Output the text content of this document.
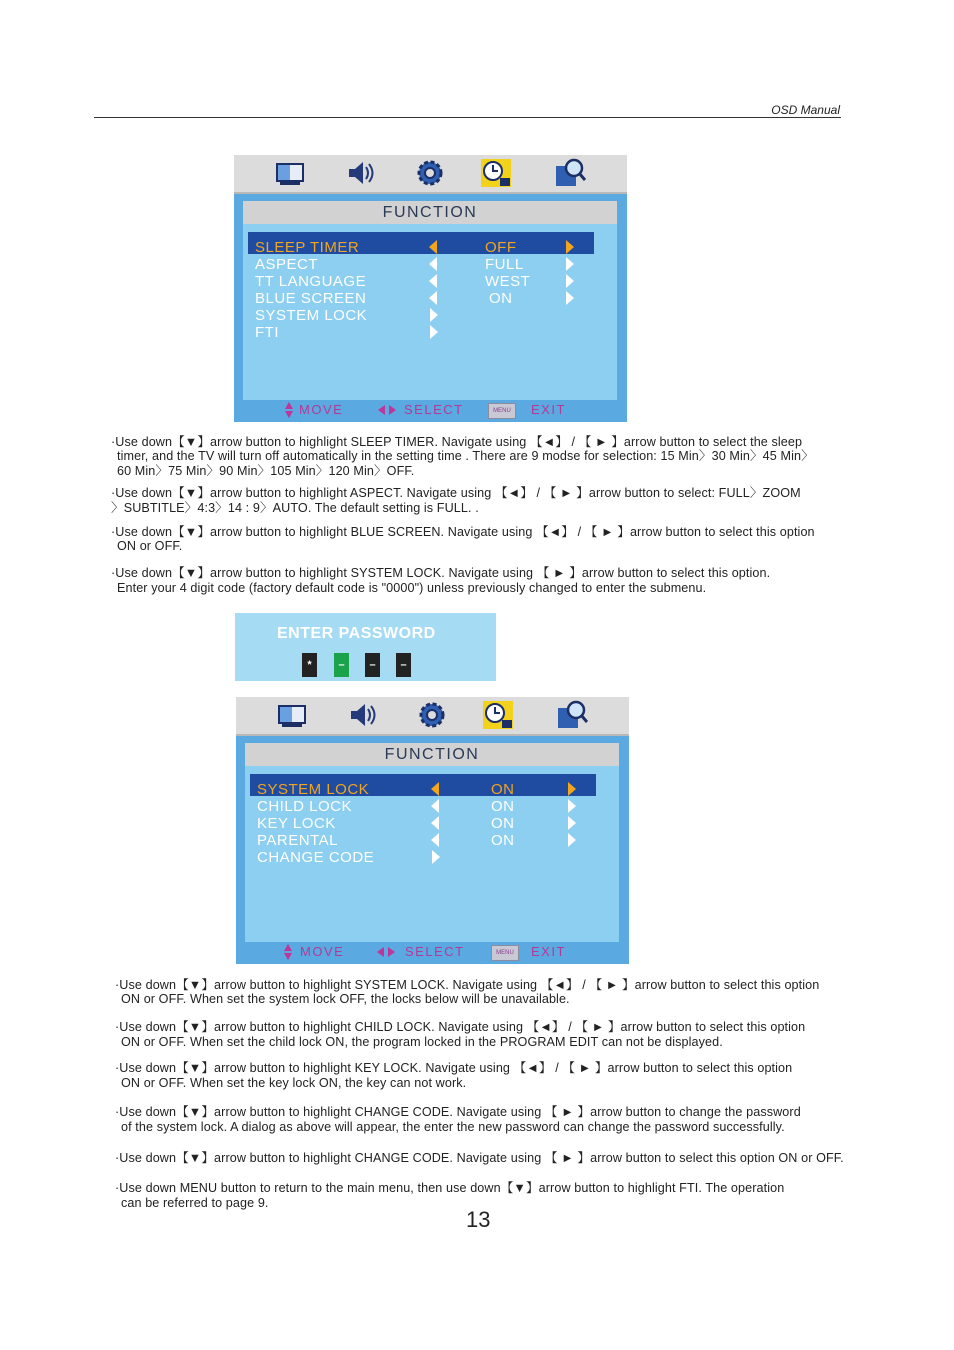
OSD Manual
FUNCTION
SLEEP TIMER	OFF
ASPECT	FULL
TT LANGUAGE	WEST
BLUE SCREEN	ON
SYSTEM LOCK
FTI
MOVE	SELECT	MENU	EXIT
·Use down【▼】arrow button to highlight SLEEP TIMER. Navigate using 【◄】 / 【 ► 】arrow button to select the sleep
timer, and the TV will turn off automatically in the setting time . There are 9 modse for selection: 15 Min〉30 Min〉45 Min〉
60 Min〉75 Min〉90 Min〉105 Min〉120 Min〉OFF.
·Use down【▼】arrow button to highlight ASPECT. Navigate using 【◄】 / 【 ► 】arrow button to select: FULL〉ZOOM
〉SUBTITLE〉4:3〉14 : 9〉AUTO. The default setting is FULL. .
·Use down【▼】arrow button to highlight BLUE SCREEN. Navigate using 【◄】 / 【 ► 】arrow button to select this option
ON or OFF.
·Use down【▼】arrow button to highlight SYSTEM LOCK. Navigate using 【 ► 】arrow button to select this option.
Enter your 4 digit code (factory default code is "0000") unless previously changed to enter the submenu.
ENTER PASSWORD
*	–	–	–
FUNCTION
SYSTEM LOCK	ON
CHILD LOCK	ON
KEY LOCK	ON
PARENTAL	ON
CHANGE CODE
MOVE	SELECT	MENU	EXIT
·Use down【▼】arrow button to highlight SYSTEM LOCK. Navigate using 【◄】 / 【 ► 】arrow button to select this option
ON or OFF. When set the system lock OFF, the locks below will be unavailable.
·Use down【▼】arrow button to highlight CHILD LOCK. Navigate using 【◄】 / 【 ► 】arrow button to select this option
ON or OFF. When set the child lock ON, the program locked in the PROGRAM EDIT can not be displayed.
·Use down【▼】arrow button to highlight KEY LOCK. Navigate using 【◄】 / 【 ► 】arrow button to select this option
ON or OFF. When set the key lock ON, the key can not work.
·Use down【▼】arrow button to highlight CHANGE CODE. Navigate using 【 ► 】arrow button to change the password
of the system lock. A dialog as above will appear, the enter the new password can change the password successfully.
·Use down【▼】arrow button to highlight CHANGE CODE. Navigate using 【 ► 】arrow button to select this option ON or OFF.
·Use down MENU button to return to the main menu, then use down【▼】arrow button to highlight FTI. The operation
can be referred to page 9.
13
